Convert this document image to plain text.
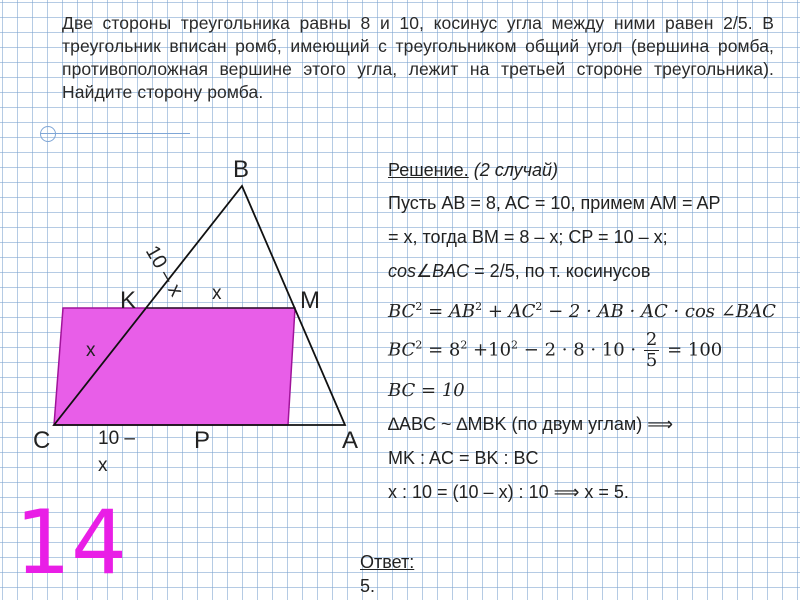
Две стороны треугольника равны 8 и 10, косинус угла между ними равен 2/5. В треугольник вписан ромб, имеющий с треугольником общий угол (вершина ромба, противоположная вершине этого угла, лежит на третьей стороне треугольника). Найдите сторону ромба.
B
K	M
C	P	A
10 – x x
x
10 –
x
14
Решение. (2 случай)
Пусть AB = 8, AC = 10, примем AM = AP
= x, тогда BM = 8 – x; CP = 10 – x;
cos∠BAC = 2/5, по т. косинусов
$BC^2 = AB^2 + AC^2 - 2$ · AB · AC · cos ∠BAC
$BC^2 = 8^2 +10^2 - 2 \cdot 8 \cdot 10 \cdot \frac{2}{5} = 100$
BC = 10
∆ABC ~ ∆MBK (по двум углам) ⟹
MK : AC = BK : BC
x : 10 = (10 – x) : 10 ⟹ x = 5.
Ответ:
5.
